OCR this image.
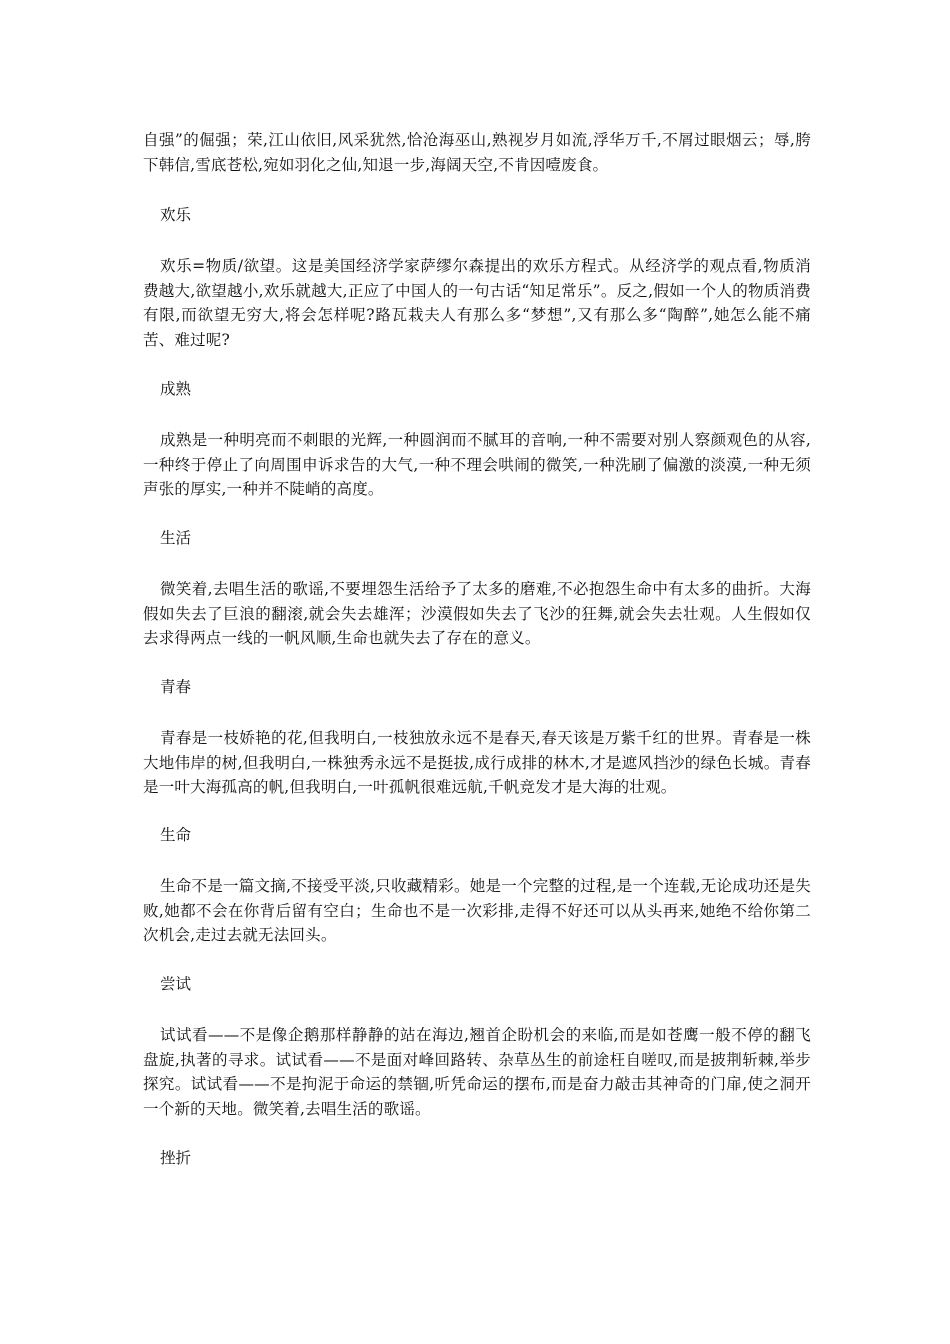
自强”的倔强；荣,江山依旧,风采犹然,恰沧海巫山,熟视岁月如流,浮华万千,不屑过眼烟云；辱,胯下韩信,雪底苍松,宛如羽化之仙,知退一步,海阔天空,不肯因噎废食。

欢乐

欢乐=物质/欲望。这是美国经济学家萨缪尔森提出的欢乐方程式。从经济学的观点看,物质消费越大,欲望越小,欢乐就越大,正应了中国人的一句古话“知足常乐”。反之,假如一个人的物质消费有限,而欲望无穷大,将会怎样呢?路瓦栽夫人有那么多“梦想”,又有那么多“陶醉”,她怎么能不痛苦、难过呢?

成熟

成熟是一种明亮而不刺眼的光辉,一种圆润而不腻耳的音响,一种不需要对别人察颜观色的从容,一种终于停止了向周围申诉求告的大气,一种不理会哄闹的微笑,一种洗刷了偏激的淡漠,一种无须声张的厚实,一种并不陡峭的高度。

生活

微笑着,去唱生活的歌谣,不要埋怨生活给予了太多的磨难,不必抱怨生命中有太多的曲折。大海假如失去了巨浪的翻滚,就会失去雄浑；沙漠假如失去了飞沙的狂舞,就会失去壮观。人生假如仅去求得两点一线的一帆风顺,生命也就失去了存在的意义。

青春

青春是一枝娇艳的花,但我明白,一枝独放永远不是春天,春天该是万紫千红的世界。青春是一株大地伟岸的树,但我明白,一株独秀永远不是挺拔,成行成排的林木,才是遮风挡沙的绿色长城。青春是一叶大海孤高的帆,但我明白,一叶孤帆很难远航,千帆竞发才是大海的壮观。

生命

生命不是一篇文摘,不接受平淡,只收藏精彩。她是一个完整的过程,是一个连载,无论成功还是失败,她都不会在你背后留有空白；生命也不是一次彩排,走得不好还可以从头再来,她绝不给你第二次机会,走过去就无法回头。

尝试

试试看——不是像企鹅那样静静的站在海边,翘首企盼机会的来临,而是如苍鹰一般不停的翻飞盘旋,执著的寻求。试试看——不是面对峰回路转、杂草丛生的前途枉自嗟叹,而是披荆斩棘,举步探究。试试看——不是拘泥于命运的禁锢,听凭命运的摆布,而是奋力敲击其神奇的门扉,使之洞开一个新的天地。微笑着,去唱生活的歌谣。

挫折
